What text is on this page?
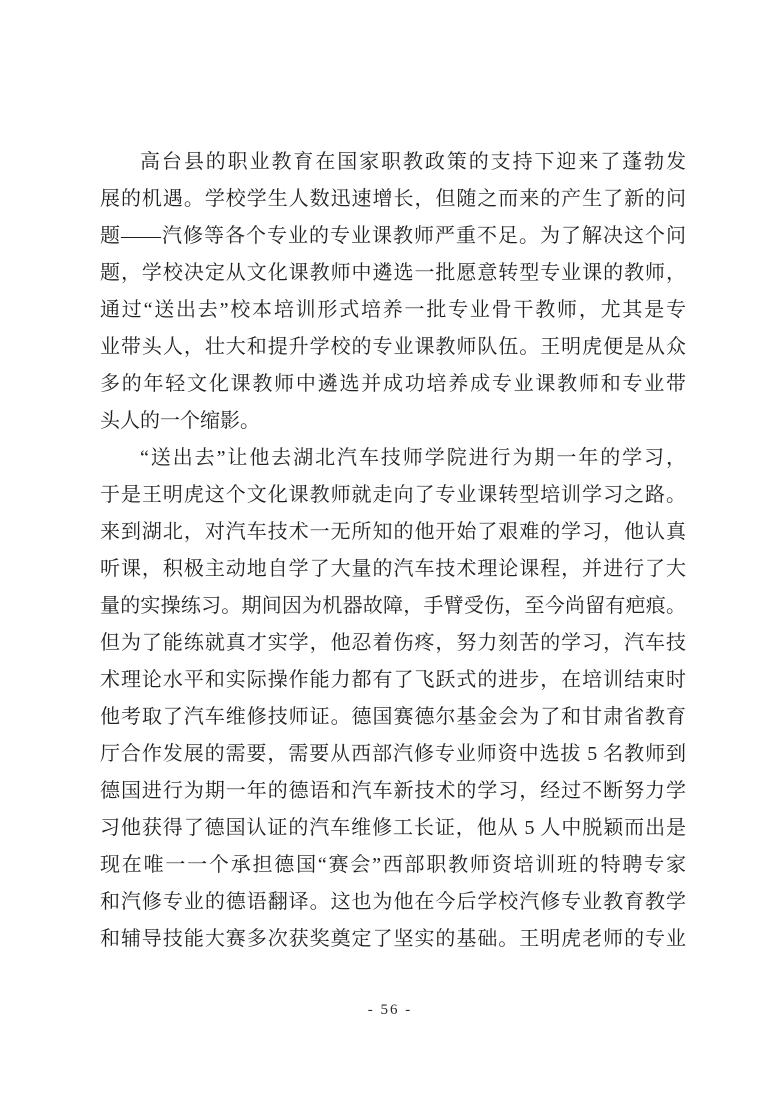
高台县的职业教育在国家职教政策的支持下迎来了蓬勃发
展的机遇。学校学生人数迅速增长，但随之而来的产生了新的问
题——汽修等各个专业的专业课教师严重不足。为了解决这个问
题，学校决定从文化课教师中遴选一批愿意转型专业课的教师，
通过“送出去”校本培训形式培养一批专业骨干教师，尤其是专
业带头人，壮大和提升学校的专业课教师队伍。王明虎便是从众
多的年轻文化课教师中遴选并成功培养成专业课教师和专业带
头人的一个缩影。

“送出去”让他去湖北汽车技师学院进行为期一年的学习，
于是王明虎这个文化课教师就走向了专业课转型培训学习之路。
来到湖北，对汽车技术一无所知的他开始了艰难的学习，他认真
听课，积极主动地自学了大量的汽车技术理论课程，并进行了大
量的实操练习。期间因为机器故障，手臂受伤，至今尚留有疤痕。
但为了能练就真才实学，他忍着伤疼，努力刻苦的学习，汽车技
术理论水平和实际操作能力都有了飞跃式的进步，在培训结束时
他考取了汽车维修技师证。德国赛德尔基金会为了和甘肃省教育
厅合作发展的需要，需要从西部汽修专业师资中选拔 5 名教师到
德国进行为期一年的德语和汽车新技术的学习，经过不断努力学
习他获得了德国认证的汽车维修工长证，他从 5 人中脱颖而出是
现在唯一一个承担德国“赛会”西部职教师资培训班的特聘专家
和汽修专业的德语翻译。这也为他在今后学校汽修专业教育教学
和辅导技能大赛多次获奖奠定了坚实的基础。王明虎老师的专业

- 56 -
